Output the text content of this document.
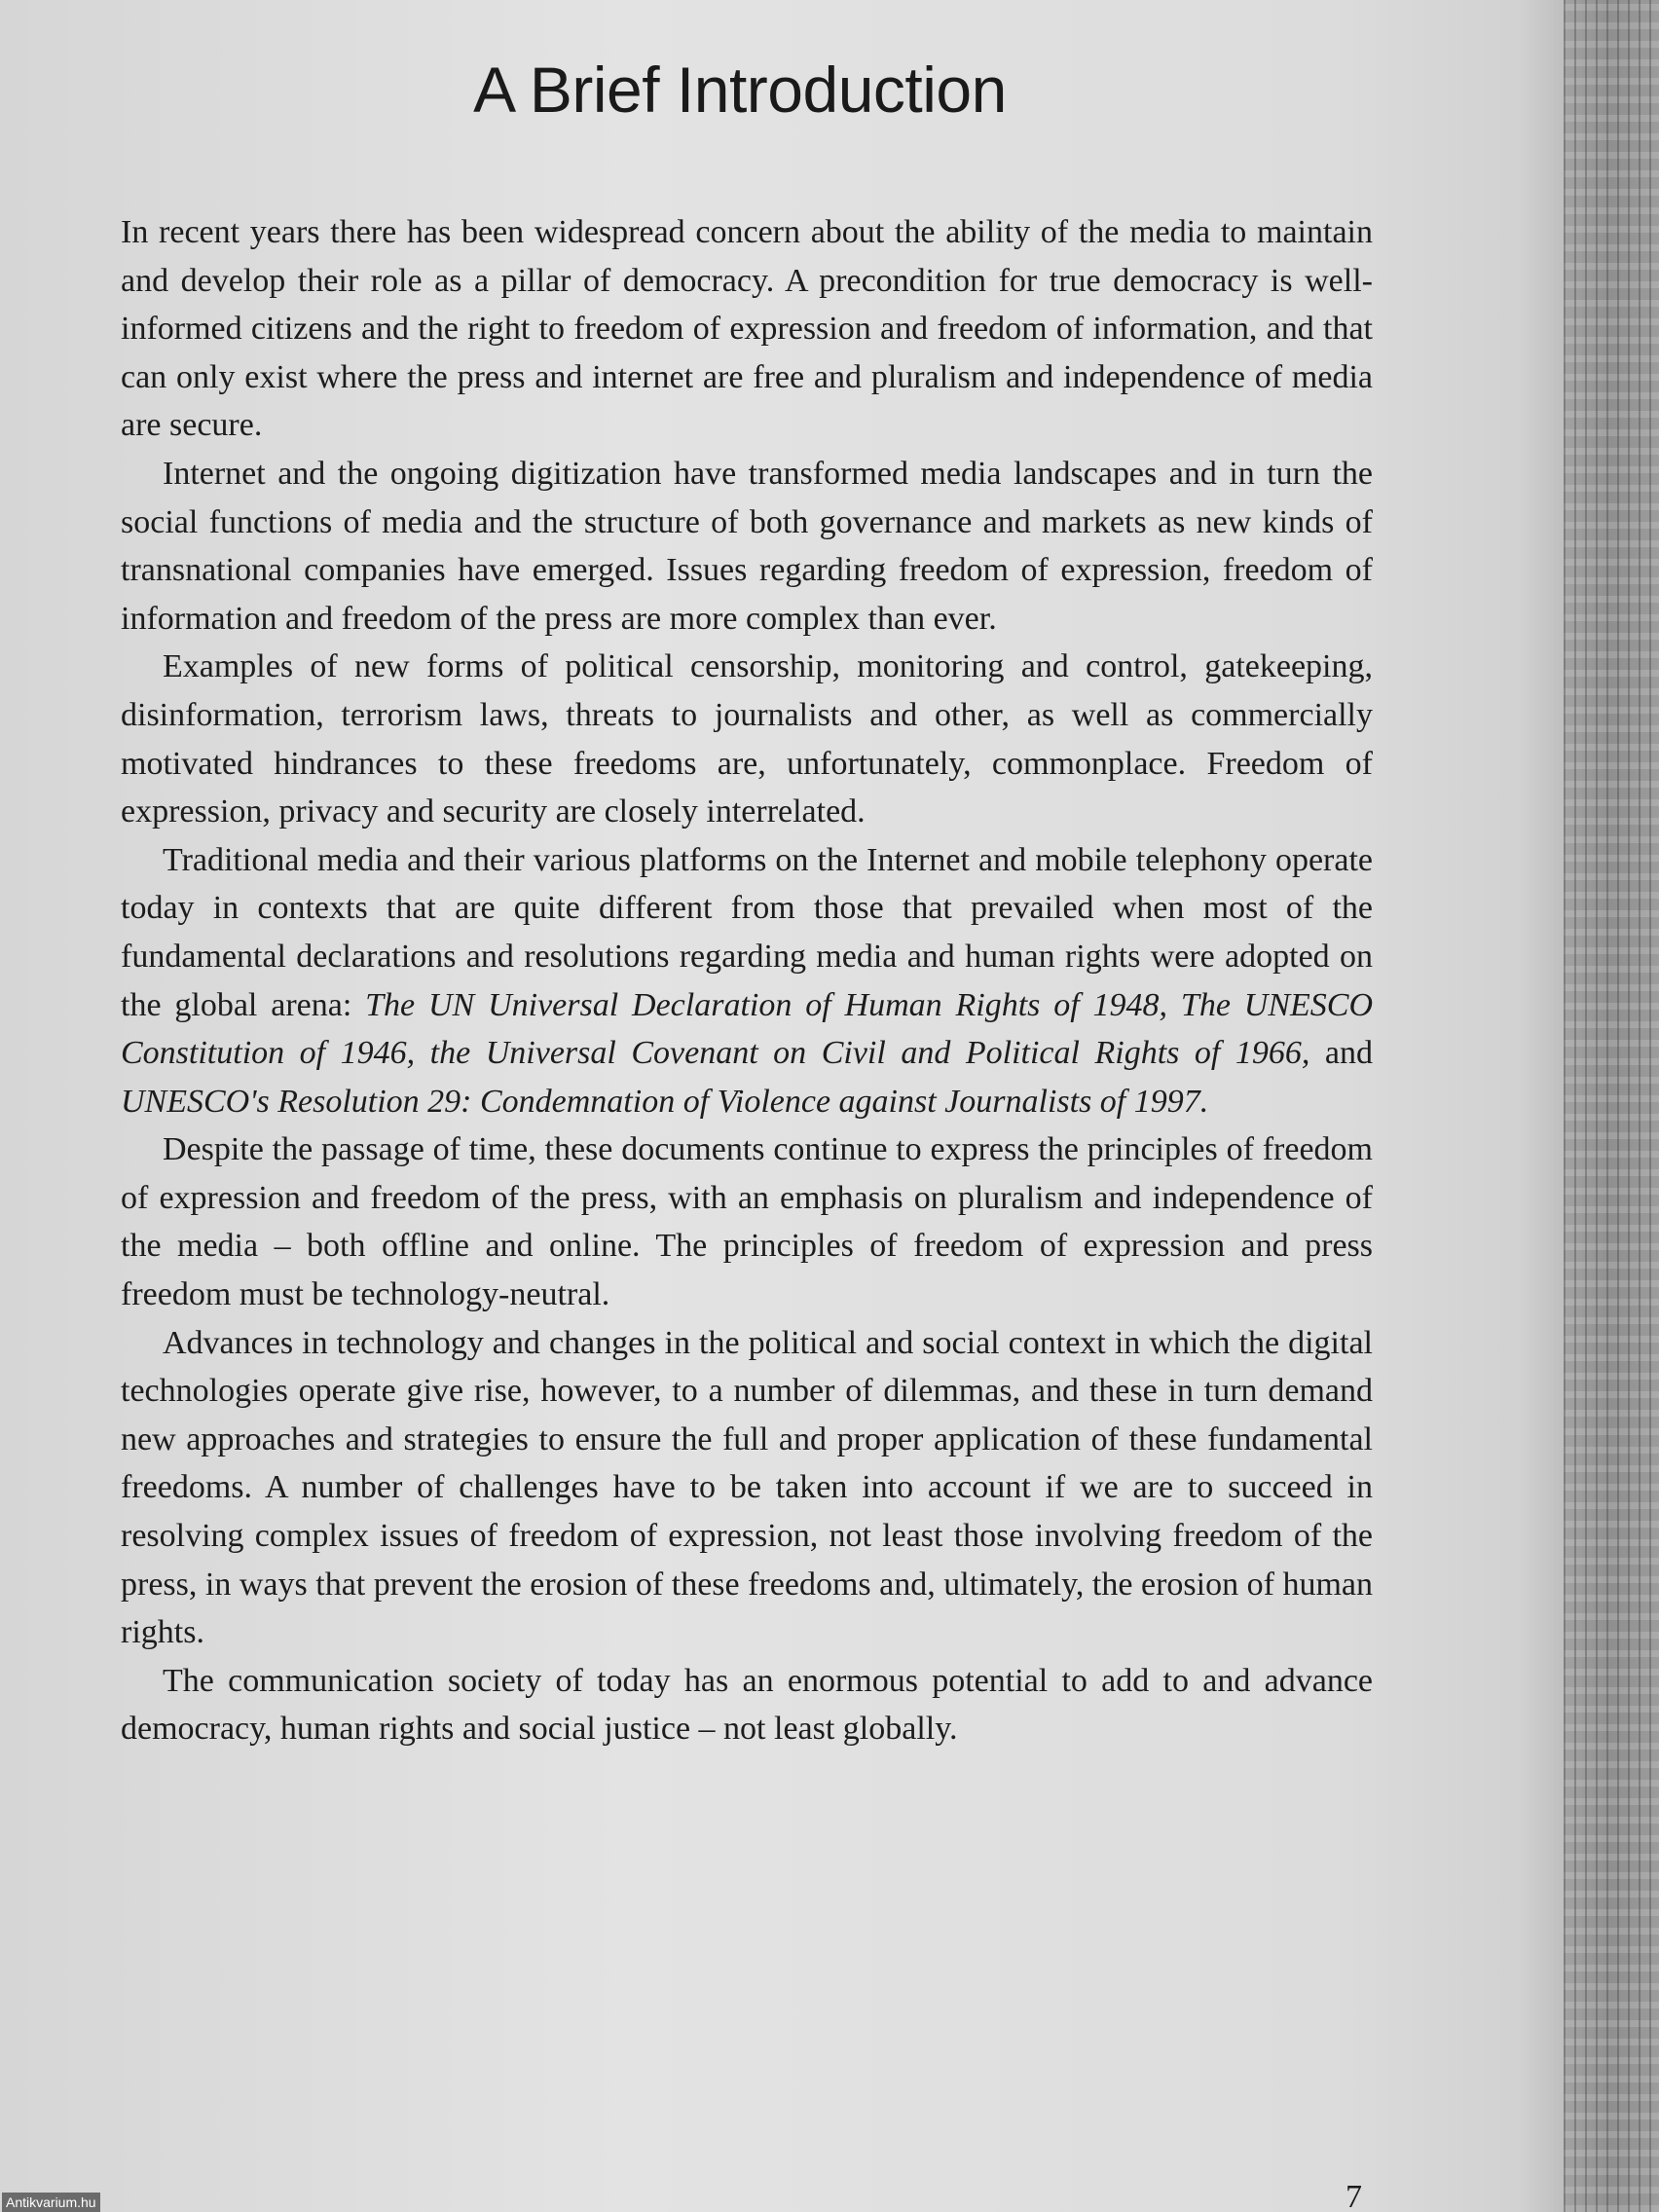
A Brief Introduction

In recent years there has been widespread concern about the ability of the media to maintain and develop their role as a pillar of democracy. A precondition for true democracy is well-informed citizens and the right to freedom of expression and freedom of information, and that can only exist where the press and internet are free and pluralism and independence of media are secure.

Internet and the ongoing digitization have transformed media landscapes and in turn the social functions of media and the structure of both governance and markets as new kinds of transnational companies have emerged. Issues regarding freedom of expression, freedom of information and freedom of the press are more complex than ever.

Examples of new forms of political censorship, monitoring and control, gatekeeping, disinformation, terrorism laws, threats to journalists and other, as well as commercially motivated hindrances to these freedoms are, unfortunately, commonplace. Freedom of expression, privacy and security are closely interrelated.

Traditional media and their various platforms on the Internet and mobile telephony operate today in contexts that are quite different from those that prevailed when most of the fundamental declarations and resolutions regarding media and human rights were adopted on the global arena: The UN Universal Declaration of Human Rights of 1948, The UNESCO Constitution of 1946, the Universal Covenant on Civil and Political Rights of 1966, and UNESCO's Resolution 29: Condemnation of Violence against Journalists of 1997.

Despite the passage of time, these documents continue to express the principles of freedom of expression and freedom of the press, with an emphasis on pluralism and independence of the media – both offline and online. The principles of freedom of expression and press freedom must be technology-neutral.

Advances in technology and changes in the political and social context in which the digital technologies operate give rise, however, to a number of dilemmas, and these in turn demand new approaches and strategies to ensure the full and proper application of these fundamental freedoms. A number of challenges have to be taken into account if we are to succeed in resolving complex issues of freedom of expression, not least those involving freedom of the press, in ways that prevent the erosion of these freedoms and, ultimately, the erosion of human rights.

The communication society of today has an enormous potential to add to and advance democracy, human rights and social justice – not least globally.

7
Antikvarium.hu
